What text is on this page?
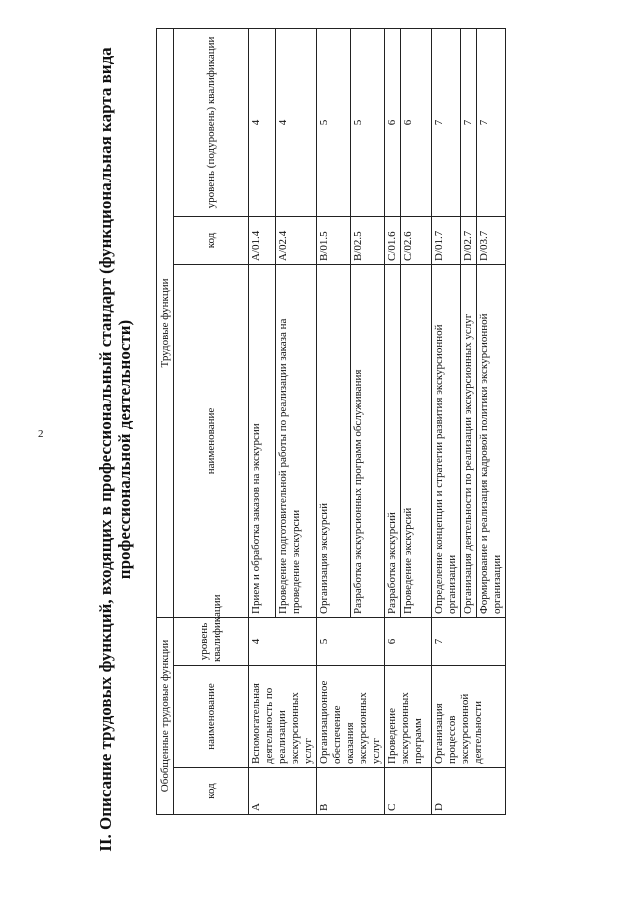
2	II. Описание трудовых функций, входящих в профессиональный стандарт (функциональная карта вида профессиональной деятельности)
Обобщенные трудовые функции			Трудовые функции		
код	наименование	уровень квалификации	наименование	код	уровень (подуровень) квалификации
A	Вспомогательная деятельность по реализации экскурсионных услуг	4	Прием и обработка заказов на экскурсии	A/01.4	4
			Проведение подготовительной работы по реализации заказа на проведение экскурсии	A/02.4	4
B	Организационное обеспечение оказания экскурсионных услуг	5	Организация экскурсий	B/01.5	5
			Разработка экскурсионных программ обслуживания	B/02.5	5
C	Проведение экскурсионных программ	6	Разработка экскурсий	C/01.6	6
			Проведение экскурсий	C/02.6	6
D	Организация процессов экскурсионной деятельности	7	Определение концепции и стратегии развития экскурсионной организации	D/01.7	7
			Организация деятельности по реализации экскурсионных услуг	D/02.7	7
			Формирование и реализация кадровой политики экскурсионной организации	D/03.7	7
